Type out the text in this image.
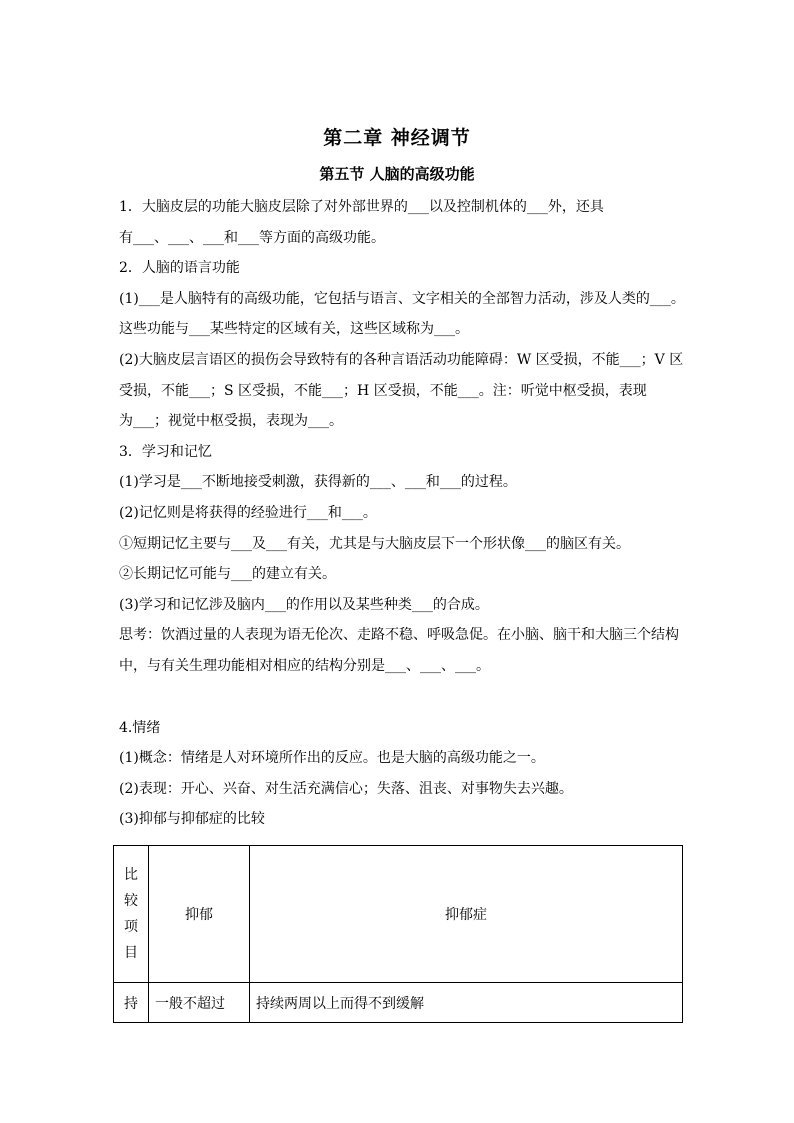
第二章 神经调节
第五节 人脑的高级功能
1．大脑皮层的功能大脑皮层除了对外部世界的___以及控制机体的___外，还具
有___、___、___和___等方面的高级功能。
2．人脑的语言功能
(1)___是人脑特有的高级功能，它包括与语言、文字相关的全部智力活动，涉及人类的___。
这些功能与___某些特定的区域有关，这些区域称为___。
(2)大脑皮层言语区的损伤会导致特有的各种言语活动功能障碍：W 区受损，不能___；V 区
受损，不能___；S 区受损，不能___；H 区受损，不能___。注：听觉中枢受损，表现
为___；视觉中枢受损，表现为___。
3．学习和记忆
(1)学习是___不断地接受刺激，获得新的___、___和___的过程。
(2)记忆则是将获得的经验进行___和___。
①短期记忆主要与___及___有关，尤其是与大脑皮层下一个形状像___的脑区有关。
②长期记忆可能与___的建立有关。
(3)学习和记忆涉及脑内___的作用以及某些种类___的合成。
思考：饮酒过量的人表现为语无伦次、走路不稳、呼吸急促。在小脑、脑干和大脑三个结构
中，与有关生理功能相对相应的结构分别是___、___、___。
4.情绪
(1)概念：情绪是人对环境所作出的反应。也是大脑的高级功能之一。
(2)表现：开心、兴奋、对生活充满信心；失落、沮丧、对事物失去兴趣。
(3)抑郁与抑郁症的比较
比
较
项
目	抑郁	抑郁症
持	一般不超过	持续两周以上而得不到缓解
